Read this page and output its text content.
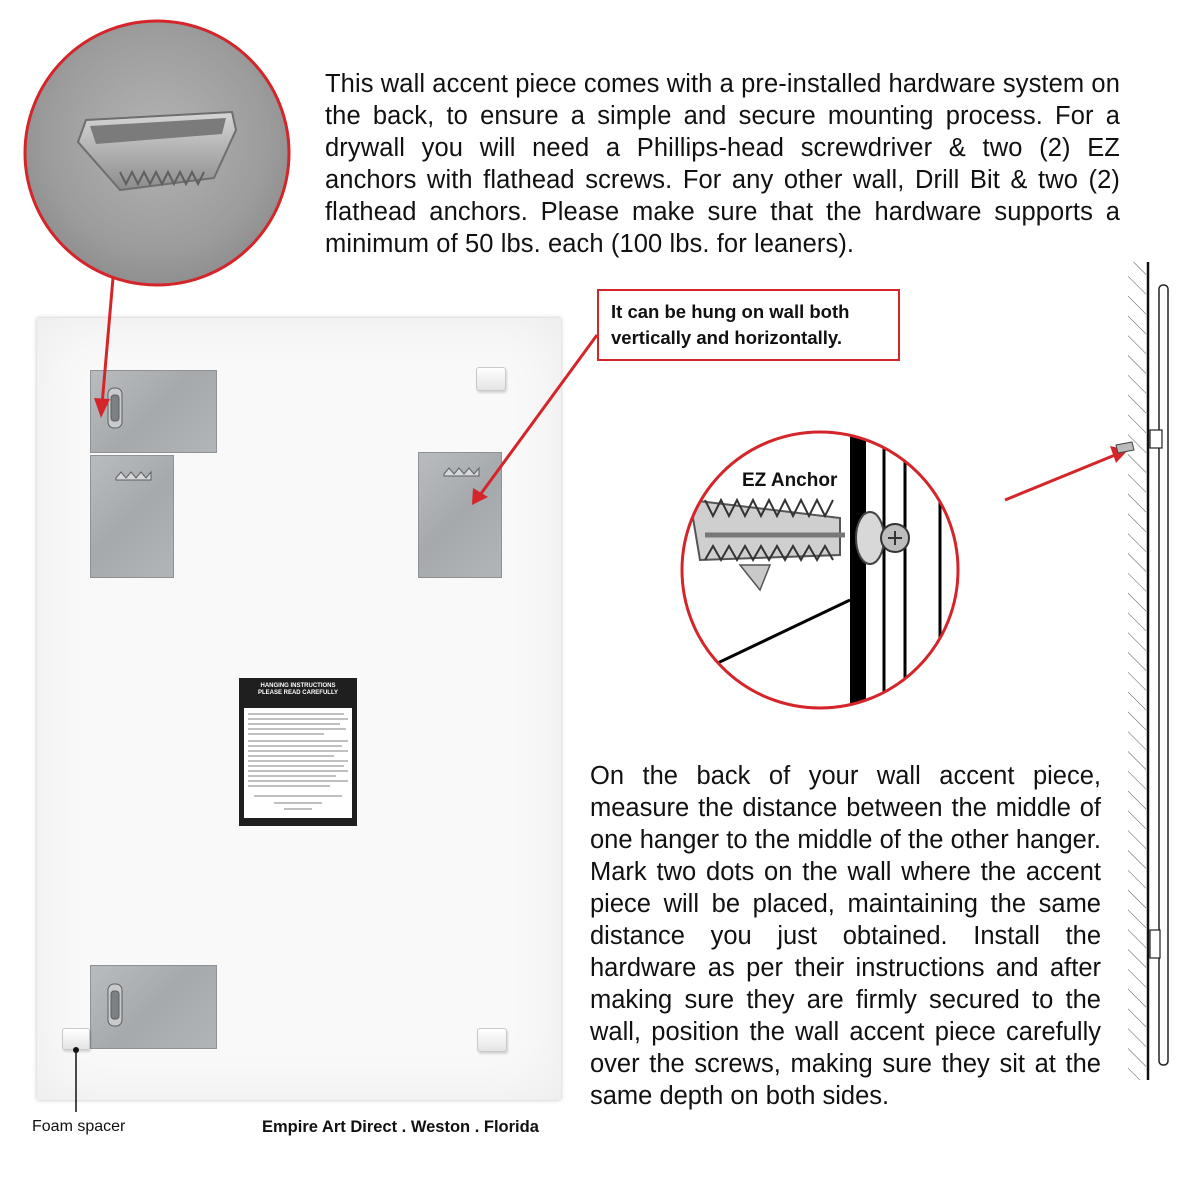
This wall accent piece comes with a pre-installed hardware system on the back, to ensure a simple and secure mounting process. For a drywall you will need a Phillips-head screwdriver & two (2) EZ anchors with flathead screws. For any other wall, Drill Bit & two (2) flathead anchors. Please make sure that the hardware supports a minimum of 50 lbs. each (100 lbs. for leaners).
HANGING INSTRUCTIONS
PLEASE READ CAREFULLY
It can be hung on wall both vertically and horizontally.
EZ Anchor
On the back of your wall accent piece, measure the distance between the middle of one hanger to the middle of the other hanger. Mark two dots on the wall where the accent piece will be placed, maintaining the same distance you just obtained. Install the hardware as per their instructions and after making sure they are firmly secured to the wall, position the wall accent piece carefully over the screws, making sure they sit at the same depth on both sides.
Foam spacer	Empire Art Direct . Weston . Florida
